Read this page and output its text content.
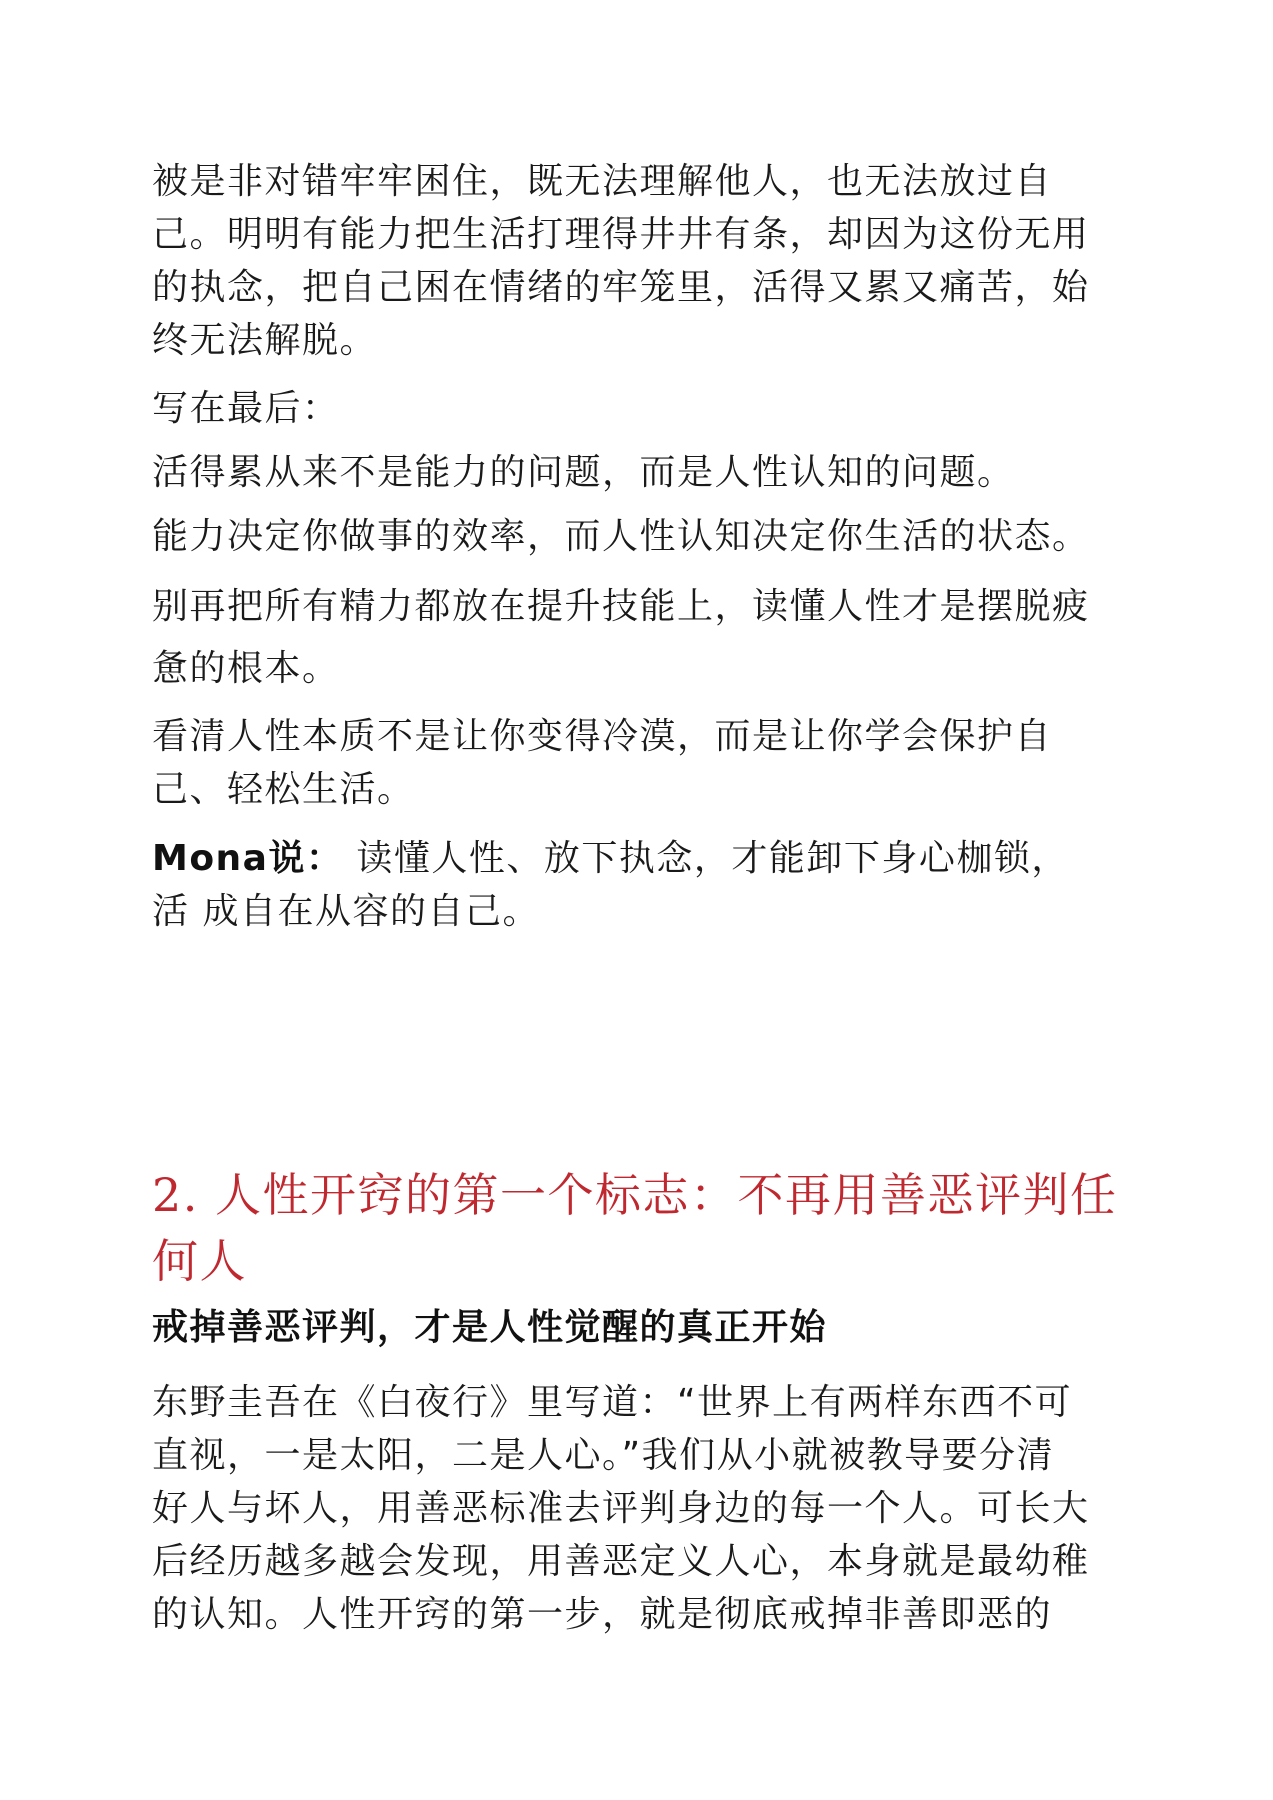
被是非对错牢牢困住，既无法理解他人，也无法放过自
己。明明有能力把生活打理得井井有条，却因为这份无用
的执念，把自己困在情绪的牢笼里，活得又累又痛苦，始
终无法解脱。

写在最后：

活得累从来不是能力的问题，而是人性认知的问题。

能力决定你做事的效率，而人性认知决定你生活的状态。

别再把所有精力都放在提升技能上，读懂人性才是摆脱疲
惫的根本。

看清人性本质不是让你变得冷漠，而是让你学会保护自
己、轻松生活。

Mona说： 读懂人性、放下执念，才能卸下身心枷锁，
活 成自在从容的自己。

2. 人性开窍的第一个标志：不再用善恶评判任
何人

戒掉善恶评判，才是人性觉醒的真正开始

东野圭吾在《白夜行》里写道：“世界上有两样东西不可
直视，一是太阳，二是人心。”我们从小就被教导要分清
好人与坏人，用善恶标准去评判身边的每一个人。可长大
后经历越多越会发现，用善恶定义人心，本身就是最幼稚
的认知。人性开窍的第一步，就是彻底戒掉非善即恶的
